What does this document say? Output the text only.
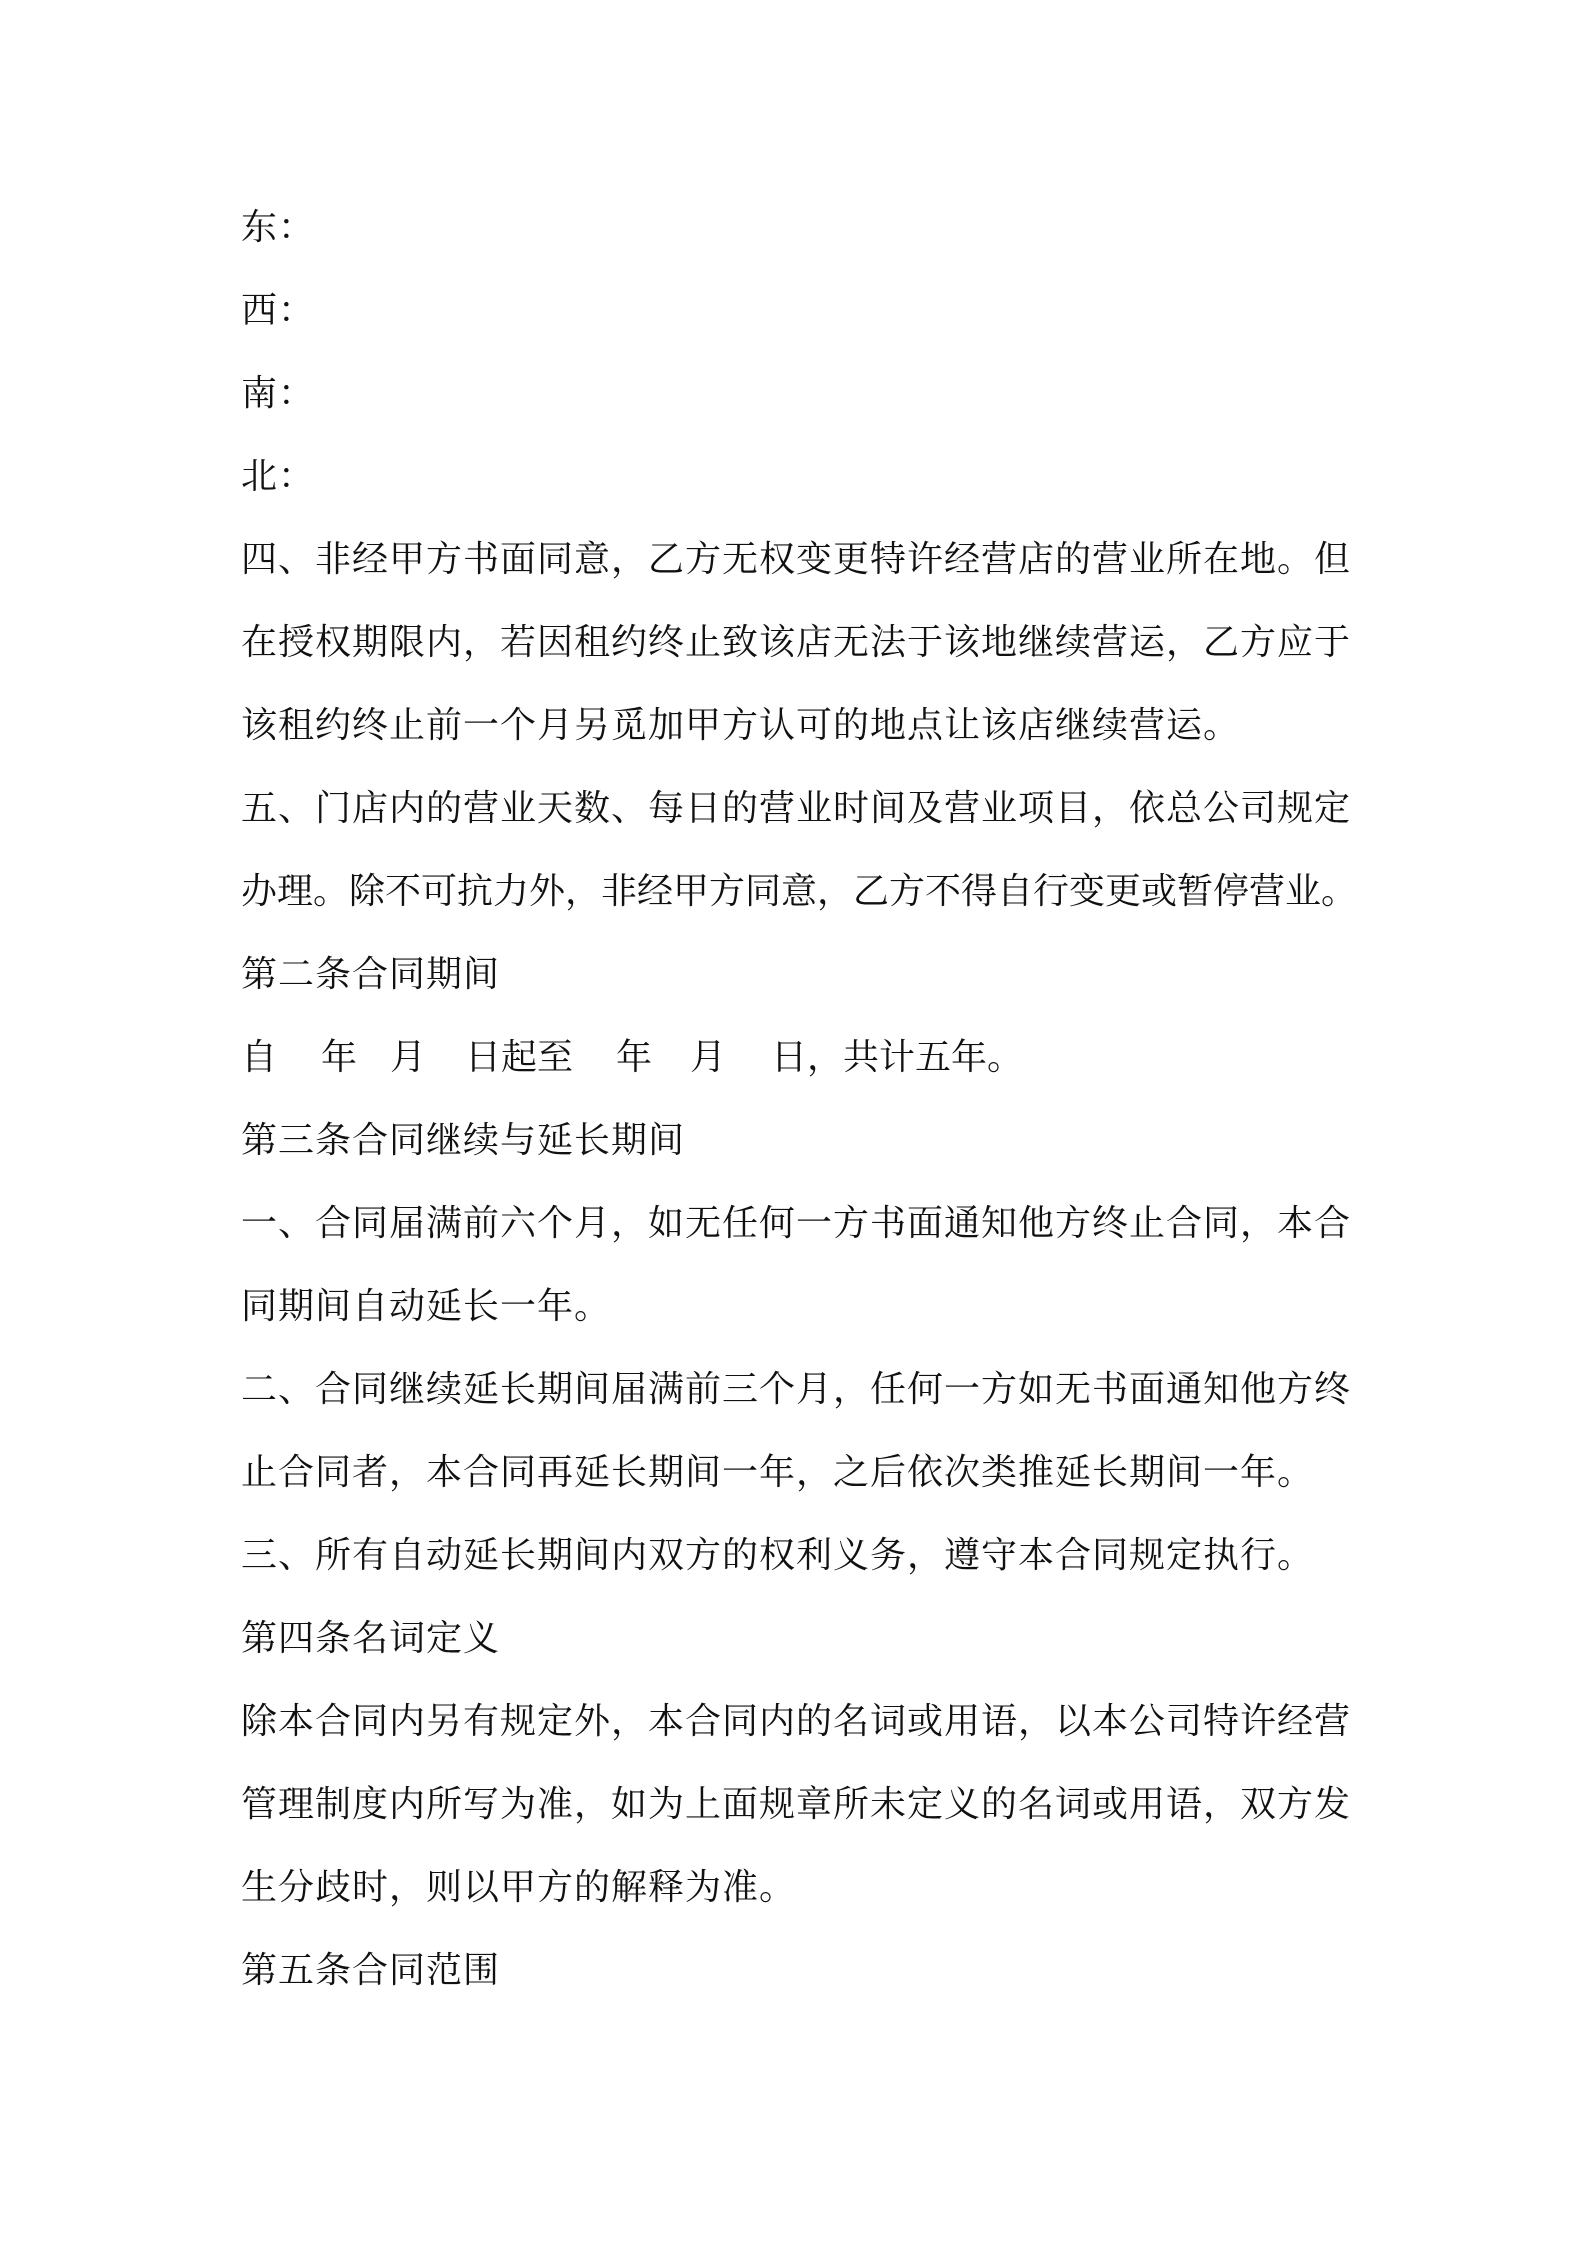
东：
西：
南：
北：
四、非经甲方书面同意，乙方无权变更特许经营店的营业所在地。但
在授权期限内，若因租约终止致该店无法于该地继续营运，乙方应于
该租约终止前一个月另觅加甲方认可的地点让该店继续营运。
五、门店内的营业天数、每日的营业时间及营业项目，依总公司规定
办理。除不可抗力外，非经甲方同意，乙方不得自行变更或暂停营业。
第二条合同期间
自 年 月 日起至 年 月 日，共计五年。
第三条合同继续与延长期间
一、合同届满前六个月，如无任何一方书面通知他方终止合同，本合
同期间自动延长一年。
二、合同继续延长期间届满前三个月，任何一方如无书面通知他方终
止合同者，本合同再延长期间一年，之后依次类推延长期间一年。
三、所有自动延长期间内双方的权利义务，遵守本合同规定执行。
第四条名词定义
除本合同内另有规定外，本合同内的名词或用语，以本公司特许经营
管理制度内所写为准，如为上面规章所未定义的名词或用语，双方发
生分歧时，则以甲方的解释为准。
第五条合同范围
